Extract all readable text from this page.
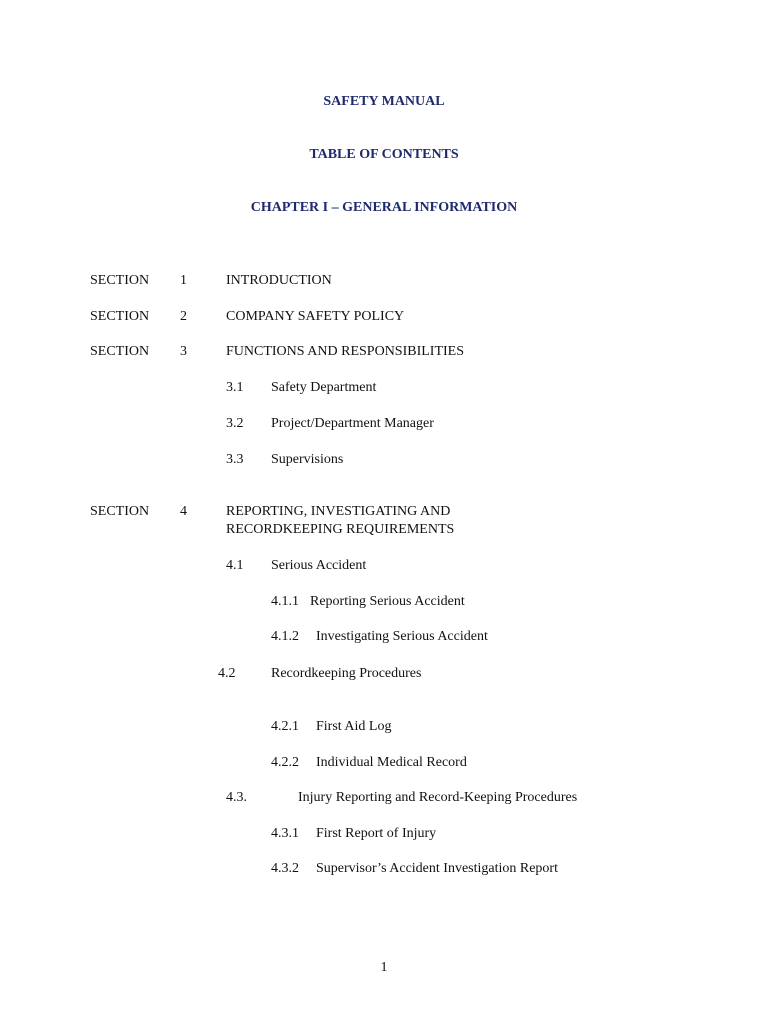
SAFETY MANUAL
TABLE OF CONTENTS
CHAPTER I – GENERAL INFORMATION
SECTION 1	INTRODUCTION
SECTION 2	COMPANY SAFETY POLICY
SECTION 3	FUNCTIONS AND RESPONSIBILITIES
3.1 Safety Department
3.2 Project/Department Manager
3.3 Supervisions
SECTION 4	REPORTING, INVESTIGATING AND
RECORDKEEPING REQUIREMENTS
4.1 Serious Accident
4.1.1 Reporting Serious Accident
4.1.2 Investigating Serious Accident
4.2	Recordkeeping Procedures
4.2.1 First Aid Log
4.2.2 Individual Medical Record
4.3.	Injury Reporting and Record-Keeping Procedures
4.3.1 First Report of Injury
4.3.2 Supervisor’s Accident Investigation Report
1
